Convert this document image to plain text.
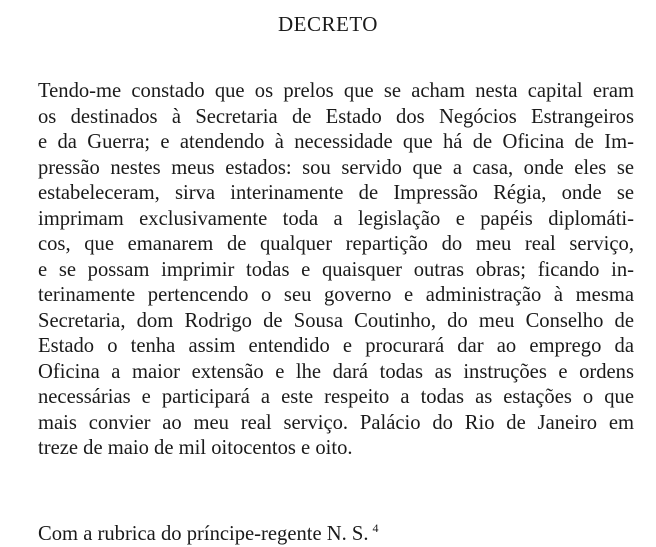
DECRETO
Tendo-me constado que os prelos que se acham nesta capital eram
os destinados à Secretaria de Estado dos Negócios Estrangeiros
e da Guerra; e atendendo à necessidade que há de Oficina de Im-
pressão nestes meus estados: sou servido que a casa, onde eles se
estabeleceram, sirva interinamente de Impressão Régia, onde se
imprimam exclusivamente toda a legislação e papéis diplomáti-
cos, que emanarem de qualquer repartição do meu real serviço,
e se possam imprimir todas e quaisquer outras obras; ficando in-
terinamente pertencendo o seu governo e administração à mesma
Secretaria, dom Rodrigo de Sousa Coutinho, do meu Conselho de
Estado o tenha assim entendido e procurará dar ao emprego da
Oficina a maior extensão e lhe dará todas as instruções e ordens
necessárias e participará a este respeito a todas as estações o que
mais convier ao meu real serviço. Palácio do Rio de Janeiro em
treze de maio de mil oitocentos e oito.
Com a rubrica do príncipe-regente N. S. $^4$
